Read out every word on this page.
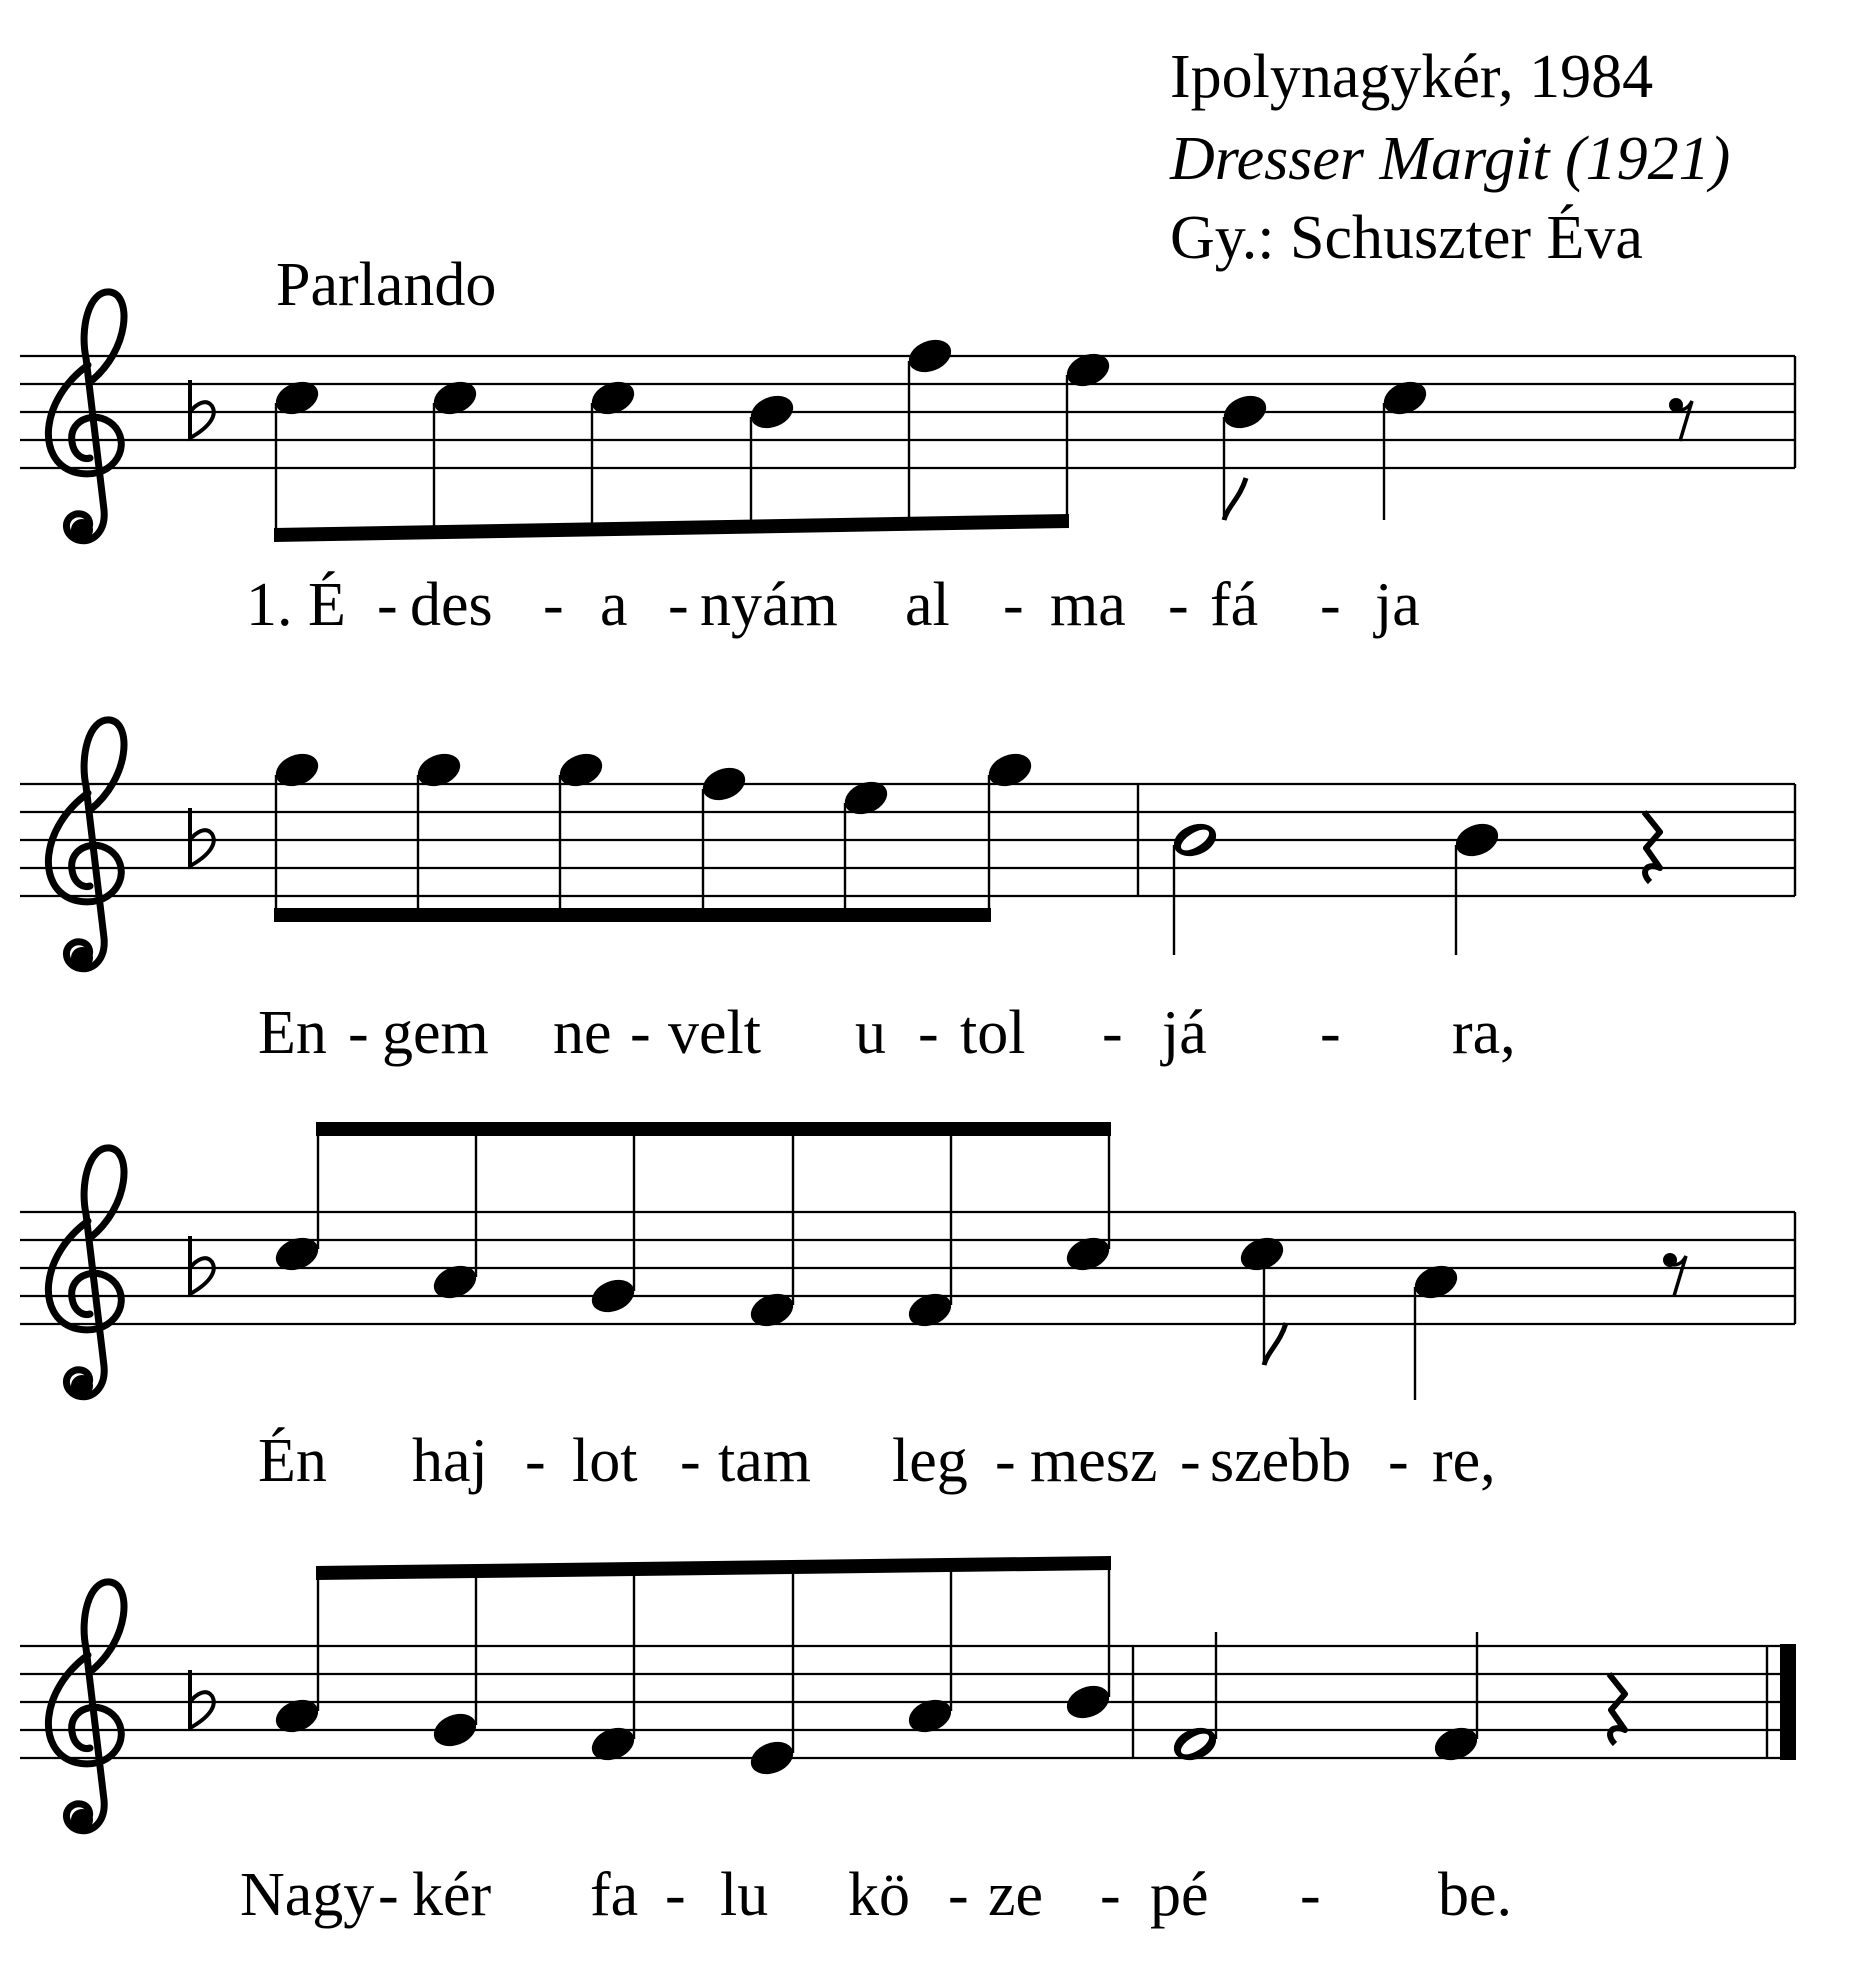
Ipolynagykér, 1984
Dresser Margit (1921)
Gy.: Schuszter Éva
Parlando
1. É - des - a - nyám al - ma - fá - ja
En - gem ne - velt u - tol - já - ra,
Én haj - lot - tam leg - mesz - szebb - re,
Nagy - kér fa - lu kö - ze - pé - be.
